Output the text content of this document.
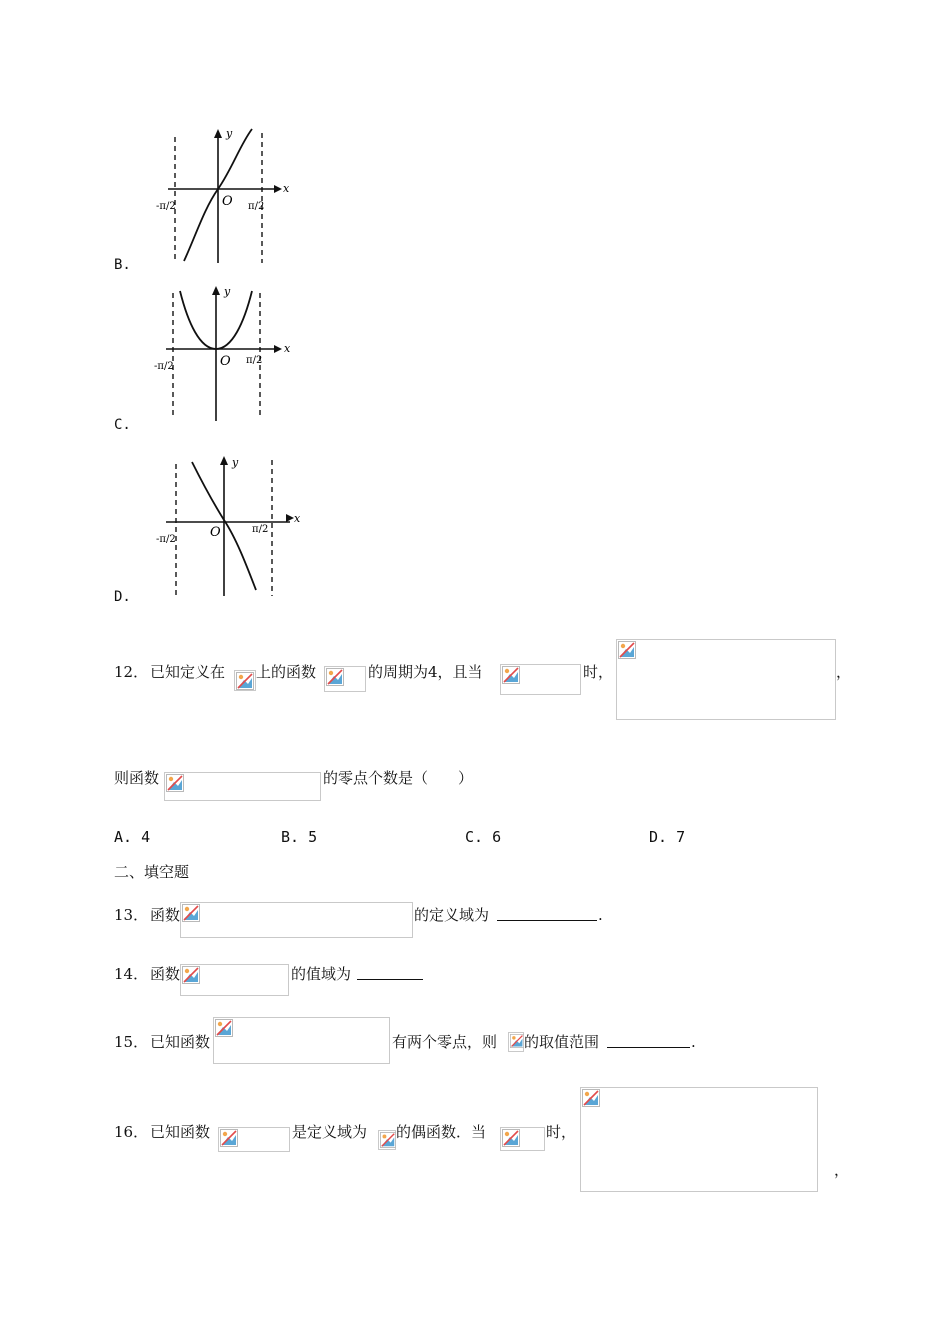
B.
y
x
O
-π/2	π/2
C.
y
x
O
-π/2
π/2
D.
y
x
O
-π/2
π/2
12． 已知定义在 上的函数	的周期为4，且当	时，	，
则函数	的零点个数是（　　）
A. 4	B. 5	C. 6	D. 7
二、填空题
13． 函数	的定义域为	.
14． 函数	的值域为
15． 已知函数	有两个零点，则 的取值范围	.
16． 已知函数	是定义域为 的偶函数．当	时，
，
